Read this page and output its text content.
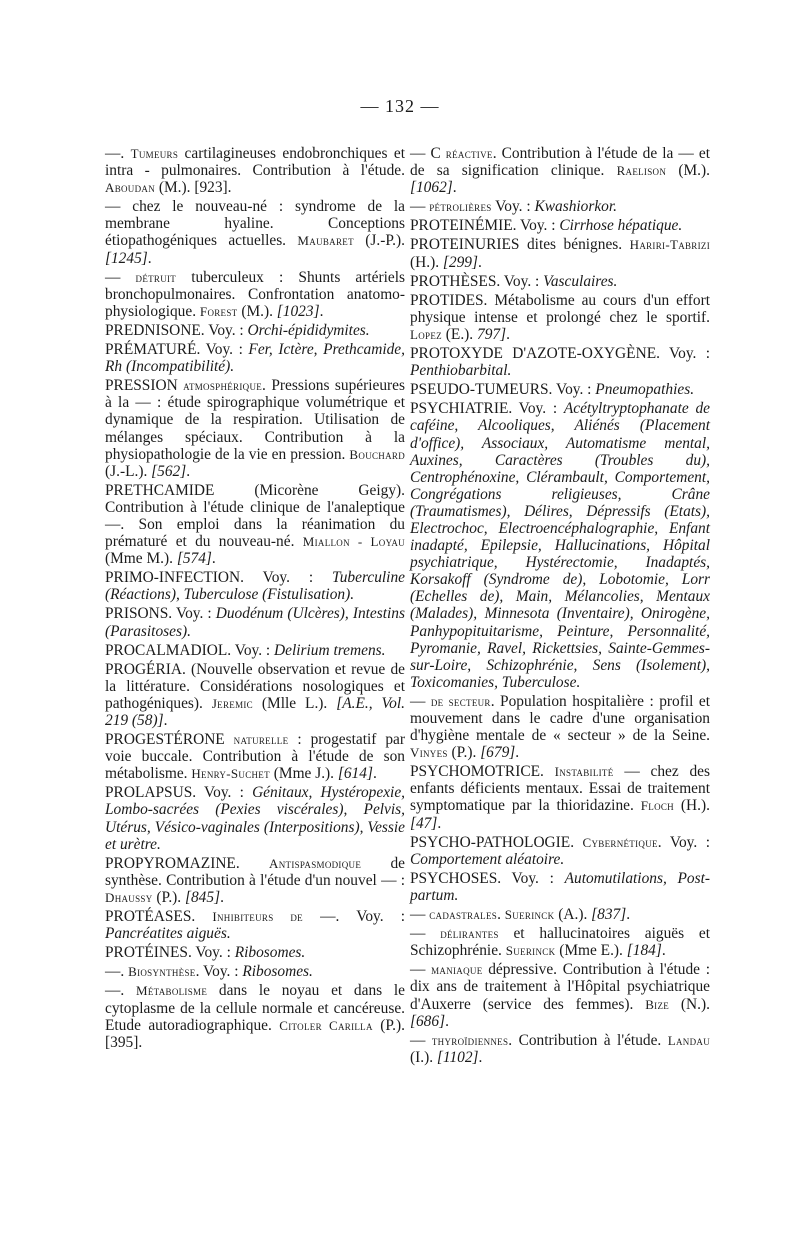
— 132 —

—. Tumeurs cartilagineuses endobronchiques et intra - pulmonaires. Contribution à l'étude. Aboudan (M.). [923].

— chez le nouveau-né : syndrome de la membrane hyaline. Conceptions étiopathogéniques actuelles. Maubaret (J.-P.). [1245].

— détruit tuberculeux : Shunts artériels bronchopulmonaires. Confrontation anatomo-physiologique. Forest (M.). [1023].

PREDNISONE. Voy. : Orchi-épididymites.

PRÉMATURÉ. Voy. : Fer, Ictère, Prethcamide, Rh (Incompatibilité).

PRESSION atmosphérique. Pressions supérieures à la — : étude spirographique volumétrique et dynamique de la respiration. Utilisation de mélanges spéciaux. Contribution à la physiopathologie de la vie en pression. Bouchard (J.-L.). [562].

PRETHCAMIDE (Micorène Geigy). Contribution à l'étude clinique de l'analeptique —. Son emploi dans la réanimation du prématuré et du nouveau-né. Miallon - Loyau (Mme M.). [574].

PRIMO-INFECTION. Voy. : Tuberculine (Réactions), Tuberculose (Fistulisation).

PRISONS. Voy. : Duodénum (Ulcères), Intestins (Parasitoses).

PROCALMADIOL. Voy. : Delirium tremens.

PROGÉRIA. (Nouvelle observation et revue de la littérature. Considérations nosologiques et pathogéniques). Jeremic (Mlle L.). [A.E., Vol. 219 (58)].

PROGESTÉRONE naturelle : progestatif par voie buccale. Contribution à l'étude de son métabolisme. Henry-Suchet (Mme J.). [614].

PROLAPSUS. Voy. : Génitaux, Hystéropexie, Lombo-sacrées (Pexies viscérales), Pelvis, Utérus, Vésico-vaginales (Interpositions), Vessie et urètre.

PROPYROMAZINE. Antispasmodique de synthèse. Contribution à l'étude d'un nouvel — : Dhaussy (P.). [845].

PROTÉASES. Inhibiteurs de —. Voy. : Pancréatites aiguës.

PROTÉINES. Voy. : Ribosomes.

—. Biosynthèse. Voy. : Ribosomes.

—. Métabolisme dans le noyau et dans le cytoplasme de la cellule normale et cancéreuse. Etude autoradiographique. Citoler Carilla (P.). [395].

— C réactive. Contribution à l'étude de la — et de sa signification clinique. Raelison (M.). [1062].

— pétrolières Voy. : Kwashiorkor.

PROTEINÉMIE. Voy. : Cirrhose hépatique.

PROTEINURIES dites bénignes. Hariri-Tabrizi (H.). [299].

PROTHÈSES. Voy. : Vasculaires.

PROTIDES. Métabolisme au cours d'un effort physique intense et prolongé chez le sportif. Lopez (E.). 797].

PROTOXYDE D'AZOTE-OXYGÈNE. Voy. : Penthiobarbital.

PSEUDO-TUMEURS. Voy. : Pneumopathies.

PSYCHIATRIE. Voy. : Acétyltryptophanate de caféine, Alcooliques, Aliénés (Placement d'office), Associaux, Automatisme mental, Auxines, Caractères (Troubles du), Centrophénoxine, Clérambault, Comportement, Congrégations religieuses, Crâne (Traumatismes), Délires, Dépressifs (Etats), Electrochoc, Electroencéphalographie, Enfant inadapté, Epilepsie, Hallucinations, Hôpital psychiatrique, Hystérectomie, Inadaptés, Korsakoff (Syndrome de), Lobotomie, Lorr (Echelles de), Main, Mélancolies, Mentaux (Malades), Minnesota (Inventaire), Onirogène, Panhypopituitarisme, Peinture, Personnalité, Pyromanie, Ravel, Rickettsies, Sainte-Gemmes-sur-Loire, Schizophrénie, Sens (Isolement), Toxicomanies, Tuberculose.

— de secteur. Population hospitalière : profil et mouvement dans le cadre d'une organisation d'hygiène mentale de « secteur » de la Seine. Vinyes (P.). [679].

PSYCHOMOTRICE. Instabilité — chez des enfants déficients mentaux. Essai de traitement symptomatique par la thioridazine. Floch (H.). [47].

PSYCHO-PATHOLOGIE. Cybernétique. Voy. : Comportement aléatoire.

PSYCHOSES. Voy. : Automutilations, Post-partum.

— cadastrales. Suerinck (A.). [837].

— délirantes et hallucinatoires aiguës et Schizophrénie. Suerinck (Mme E.). [184].

— maniaque dépressive. Contribution à l'étude : dix ans de traitement à l'Hôpital psychiatrique d'Auxerre (service des femmes). Bize (N.). [686].

— thyroïdiennes. Contribution à l'étude. Landau (I.). [1102].
